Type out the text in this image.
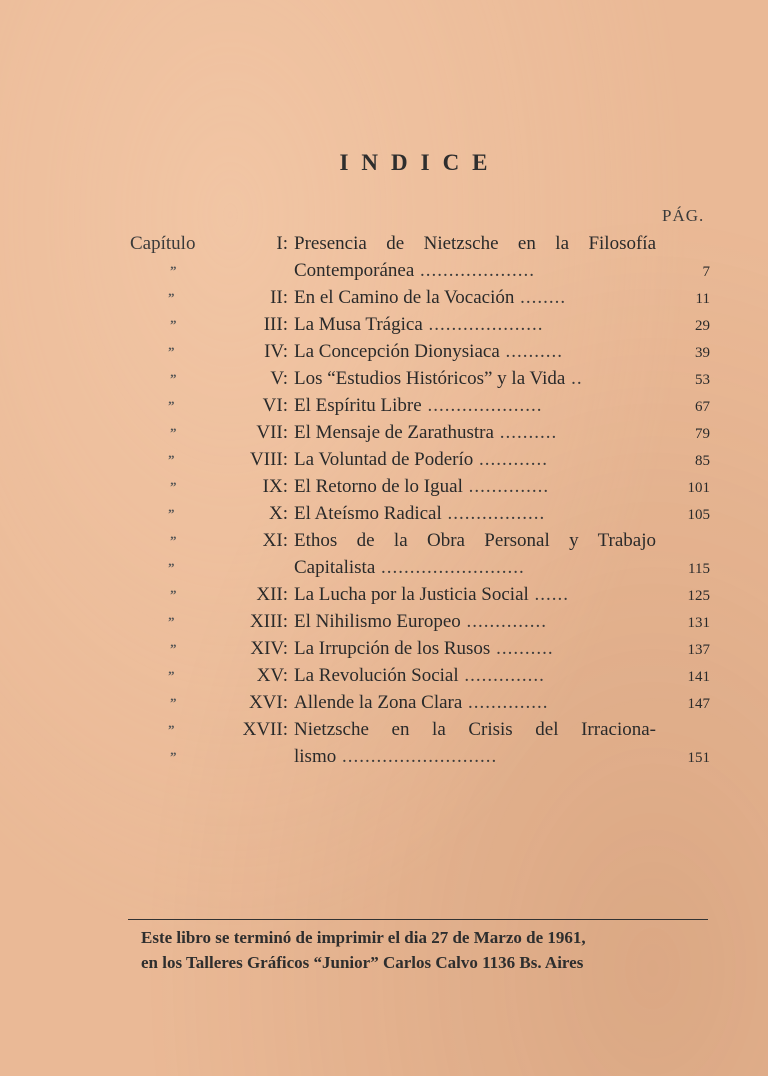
INDICE
PÁG.
Capítulo	I: Presencia de Nietzsche en la Filosofía
”	Contemporánea ....................	7
”	II: En el Camino de la Vocación ........	11
”	III: La Musa Trágica ....................	29
”	IV: La Concepción Dionysiaca ..........	39
”	V: Los “Estudios Históricos” y la Vida ..	53
”	VI: El Espíritu Libre ....................	67
”	VII: El Mensaje de Zarathustra ..........	79
”	VIII: La Voluntad de Poderío ............	85
”	IX: El Retorno de lo Igual ..............	101
”	X: El Ateísmo Radical .................	105
”	XI: Ethos de la Obra Personal y Trabajo
”	Capitalista .........................	115
”	XII: La Lucha por la Justicia Social ......	125
”	XIII: El Nihilismo Europeo ..............	131
”	XIV: La Irrupción de los Rusos ..........	137
”	XV: La Revolución Social ..............	141
”	XVI: Allende la Zona Clara ..............	147
”	XVII: Nietzsche en la Crisis del Irraciona-
”	lismo ...........................	151
Este libro se terminó de imprimir el dia 27 de Marzo de 1961,
en los Talleres Gráficos “Junior” Carlos Calvo 1136 Bs. Aires
